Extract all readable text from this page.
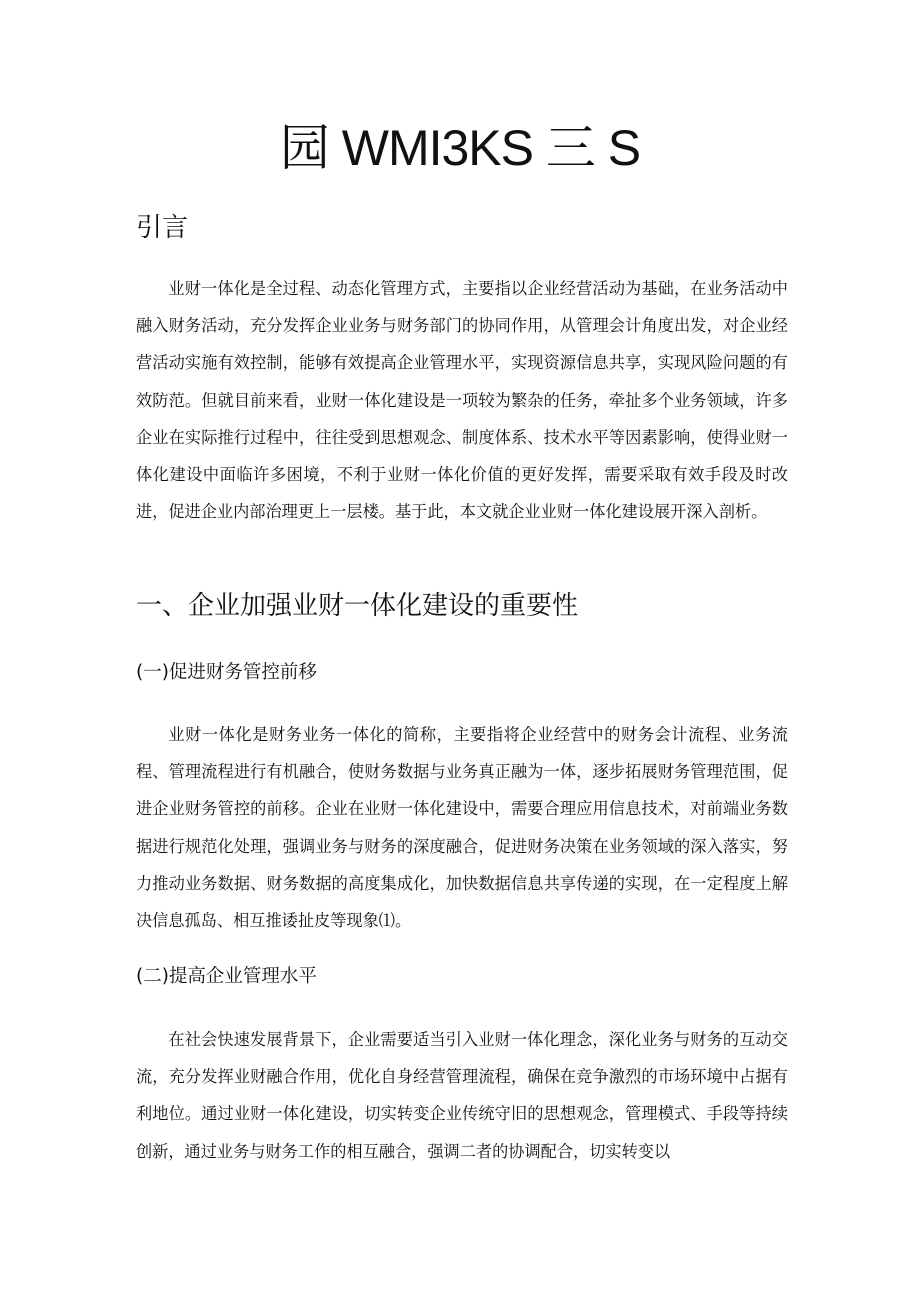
园 WMI3KS 三 S
引言

业财一体化是全过程、动态化管理方式，主要指以企业经营活动为基础，在业务活动中融入财务活动，充分发挥企业业务与财务部门的协同作用，从管理会计角度出发，对企业经营活动实施有效控制，能够有效提高企业管理水平，实现资源信息共享，实现风险问题的有效防范。但就目前来看，业财一体化建设是一项较为繁杂的任务，牵扯多个业务领域，许多企业在实际推行过程中，往往受到思想观念、制度体系、技术水平等因素影响，使得业财一体化建设中面临许多困境，不利于业财一体化价值的更好发挥，需要采取有效手段及时改进，促进企业内部治理更上一层楼。基于此，本文就企业业财一体化建设展开深入剖析。

一、企业加强业财一体化建设的重要性
(一)促进财务管控前移

业财一体化是财务业务一体化的简称，主要指将企业经营中的财务会计流程、业务流程、管理流程进行有机融合，使财务数据与业务真正融为一体，逐步拓展财务管理范围，促进企业财务管控的前移。企业在业财一体化建设中，需要合理应用信息技术，对前端业务数据进行规范化处理，强调业务与财务的深度融合，促进财务决策在业务领域的深入落实，努力推动业务数据、财务数据的高度集成化，加快数据信息共享传递的实现，在一定程度上解决信息孤岛、相互推诿扯皮等现象⑴。

(二)提高企业管理水平

在社会快速发展背景下，企业需要适当引入业财一体化理念，深化业务与财务的互动交流，充分发挥业财融合作用，优化自身经营管理流程，确保在竞争激烈的市场环境中占据有利地位。通过业财一体化建设，切实转变企业传统守旧的思想观念，管理模式、手段等持续创新，通过业务与财务工作的相互融合，强调二者的协调配合，切实转变以
